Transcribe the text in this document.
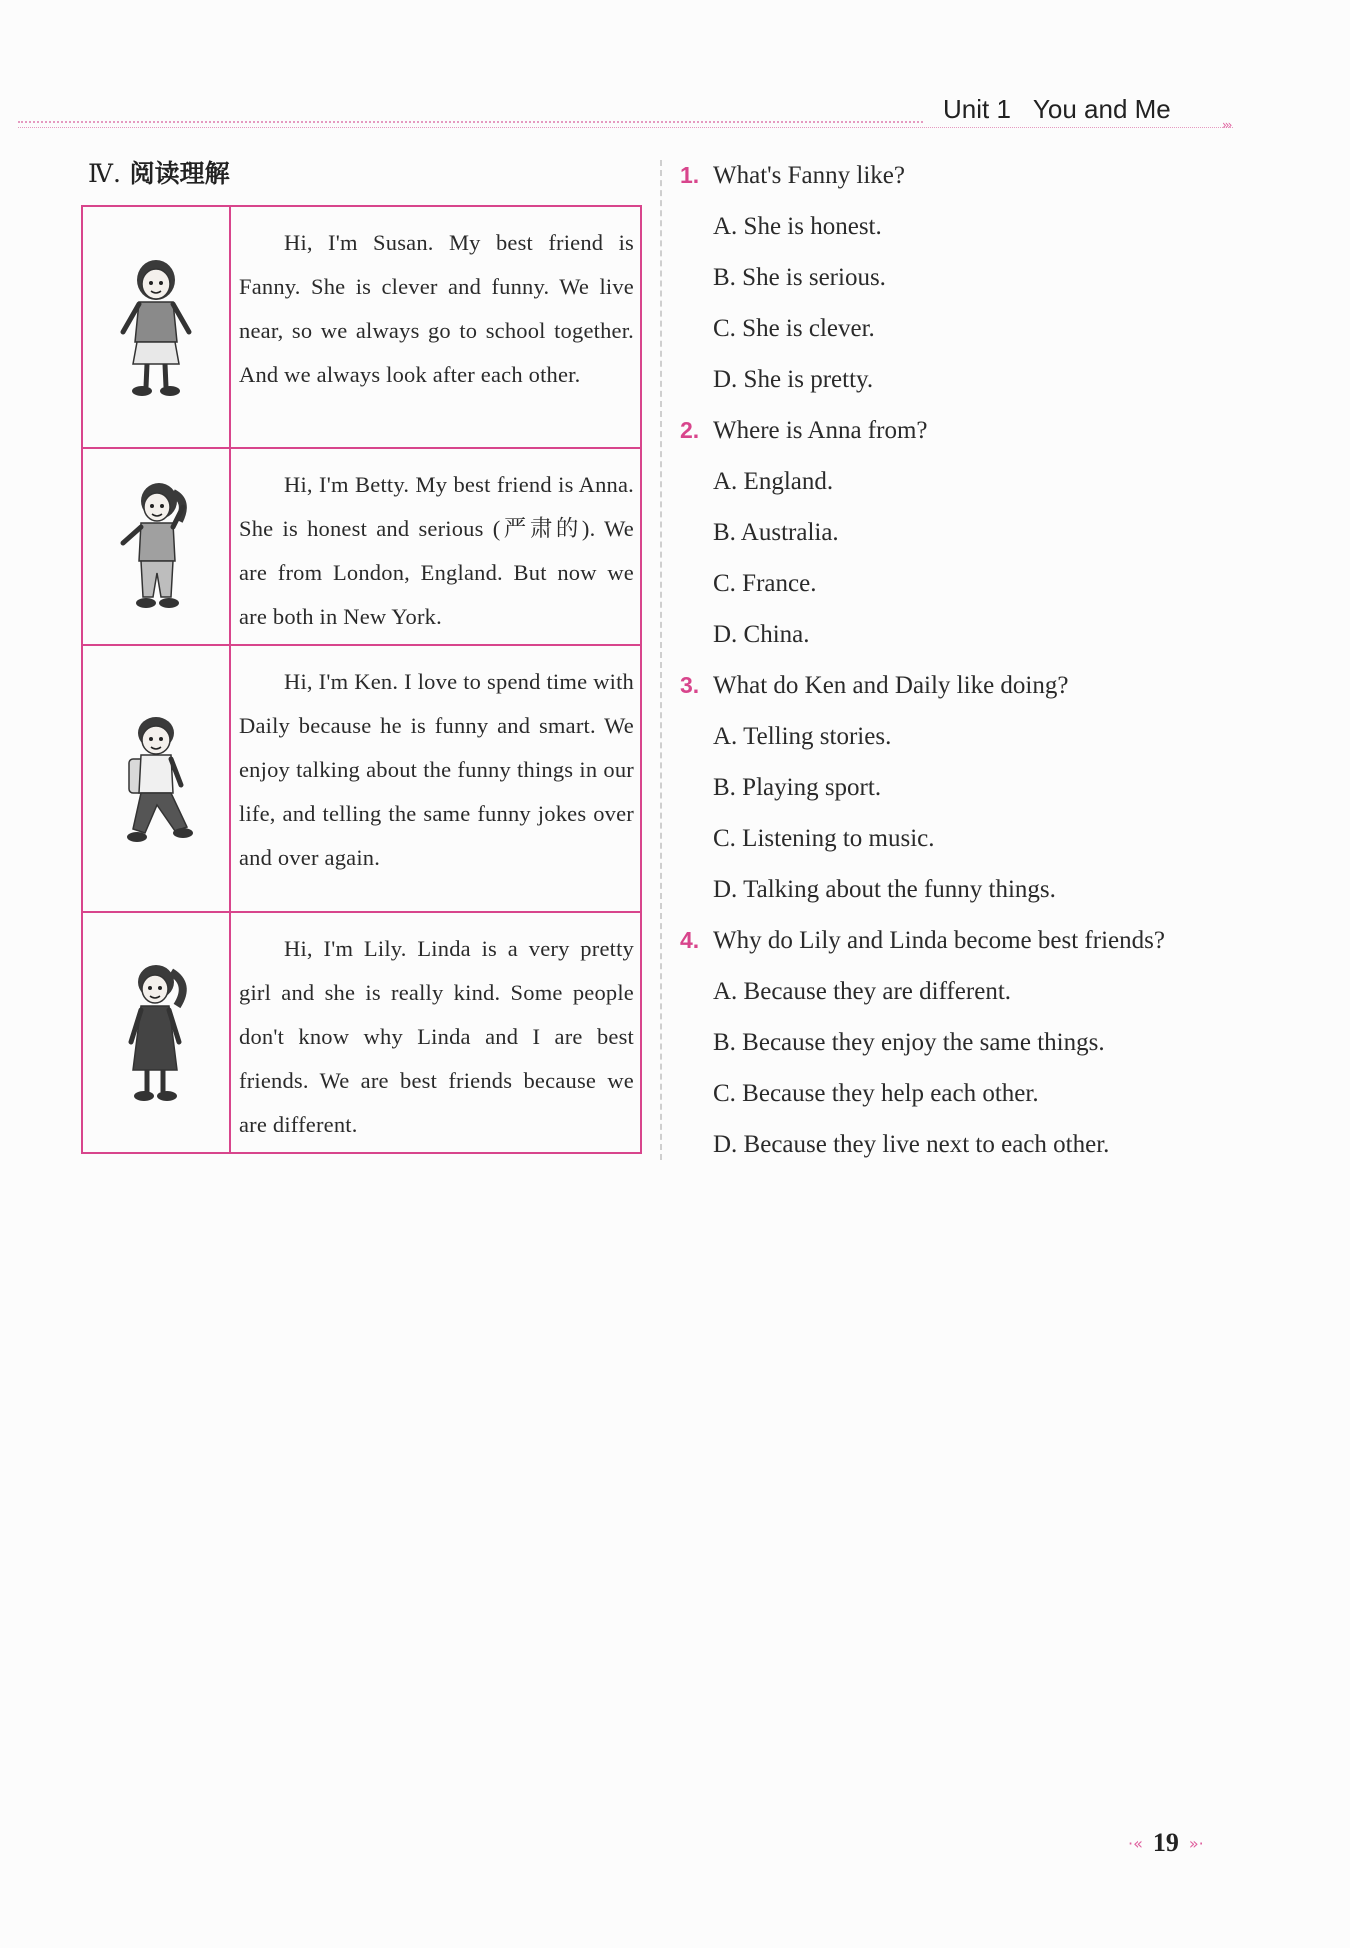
Unit 1 You and Me
›››
Ⅳ. 阅读理解
Hi, I'm Susan. My best friend is Fanny. She is clever and funny. We live near, so we always go to school together. And we always look after each other.
Hi, I'm Betty. My best friend is Anna. She is honest and serious (严肃的). We are from London, England. But now we are both in New York.
Hi, I'm Ken. I love to spend time with Daily because he is funny and smart. We enjoy talking about the funny things in our life, and telling the same funny jokes over and over again.
Hi, I'm Lily. Linda is a very pretty girl and she is really kind. Some people don't know why Linda and I are best friends. We are best friends because we are different.
1. What's Fanny like?
A. She is honest.
B. She is serious.
C. She is clever.
D. She is pretty.
2. Where is Anna from?
A. England.
B. Australia.
C. France.
D. China.
3. What do Ken and Daily like doing?
A. Telling stories.
B. Playing sport.
C. Listening to music.
D. Talking about the funny things.
4. Why do Lily and Linda become best friends?
A. Because they are different.
B. Because they enjoy the same things.
C. Because they help each other.
D. Because they live next to each other.
·« 19 »·
